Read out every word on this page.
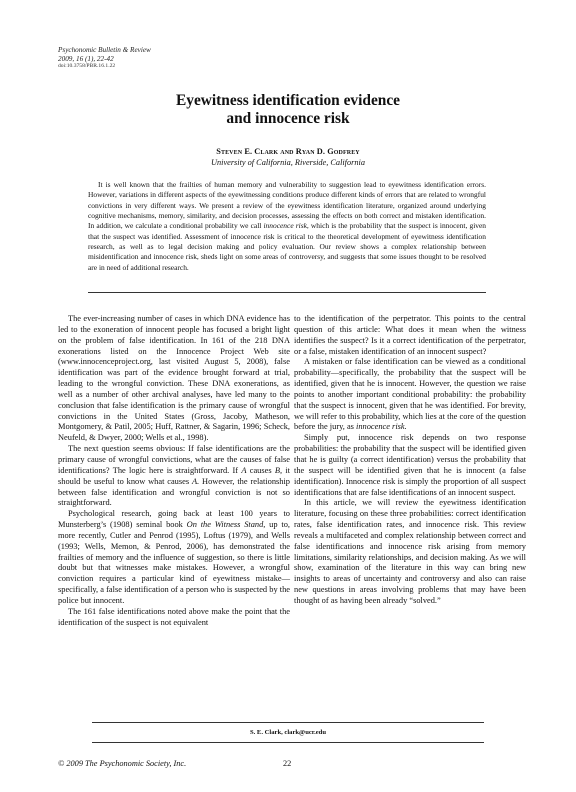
Psychonomic Bulletin & Review
2009, 16 (1), 22-42
doi:10.3758/PBR.16.1.22
Eyewitness identification evidence
and innocence risk
Steven E. Clark and Ryan D. Godfrey
University of California, Riverside, California
It is well known that the frailties of human memory and vulnerability to suggestion lead to eyewitness identification errors. However, variations in different aspects of the eyewitnessing conditions produce different kinds of errors that are related to wrongful convictions in very different ways. We present a review of the eyewitness identification literature, organized around underlying cognitive mechanisms, memory, similarity, and decision processes, assessing the effects on both correct and mistaken identification. In addition, we calculate a conditional probability we call innocence risk, which is the probability that the suspect is innocent, given that the suspect was identified. Assessment of innocence risk is critical to the theoretical development of eyewitness identification research, as well as to legal decision making and policy evaluation. Our review shows a complex relationship between misidentification and innocence risk, sheds light on some areas of controversy, and suggests that some issues thought to be resolved are in need of additional research.

The ever-increasing number of cases in which DNA evidence has led to the exoneration of innocent people has focused a bright light on the problem of false identification. In 161 of the 218 DNA exonerations listed on the Innocence Project Web site (www.innocenceproject.org, last visited August 5, 2008), false identification was part of the evidence brought forward at trial, leading to the wrongful conviction. These DNA exonerations, as well as a number of other archival analyses, have led many to the conclusion that false identification is the primary cause of wrongful convictions in the United States (Gross, Jacoby, Matheson, Montgomery, & Patil, 2005; Huff, Rattner, & Sagarin, 1996; Scheck, Neufeld, & Dwyer, 2000; Wells et al., 1998).

The next question seems obvious: If false identifications are the primary cause of wrongful convictions, what are the causes of false identifications? The logic here is straightforward. If A causes B, it should be useful to know what causes A. However, the relationship between false identification and wrongful conviction is not so straightforward.

Psychological research, going back at least 100 years to Munsterberg’s (1908) seminal book On the Witness Stand, up to, more recently, Cutler and Penrod (1995), Loftus (1979), and Wells (1993; Wells, Memon, & Penrod, 2006), has demonstrated the frailties of memory and the influence of suggestion, so there is little doubt but that witnesses make mistakes. However, a wrongful conviction requires a particular kind of eyewitness mistake—specifically, a false identification of a person who is suspected by the police but innocent.

The 161 false identifications noted above make the point that the identification of the suspect is not equivalent

to the identification of the perpetrator. This points to the central question of this article: What does it mean when the witness identifies the suspect? Is it a correct identification of the perpetrator, or a false, mistaken identification of an innocent suspect?

A mistaken or false identification can be viewed as a conditional probability—specifically, the probability that the suspect will be identified, given that he is innocent. However, the question we raise points to another important conditional probability: the probability that the suspect is innocent, given that he was identified. For brevity, we will refer to this probability, which lies at the core of the question before the jury, as innocence risk.

Simply put, innocence risk depends on two response probabilities: the probability that the suspect will be identified given that he is guilty (a correct identification) versus the probability that the suspect will be identified given that he is innocent (a false identification). Innocence risk is simply the proportion of all suspect identifications that are false identifications of an innocent suspect.

In this article, we will review the eyewitness identification literature, focusing on these three probabilities: correct identification rates, false identification rates, and innocence risk. This review reveals a multifaceted and complex relationship between correct and false identifications and innocence risk arising from memory limitations, similarity relationships, and decision making. As we will show, examination of the literature in this way can bring new insights to areas of uncertainty and controversy and also can raise new questions in areas involving problems that may have been thought of as having been already “solved.”

S. E. Clark, clark@ucr.edu
© 2009 The Psychonomic Society, Inc.	22
